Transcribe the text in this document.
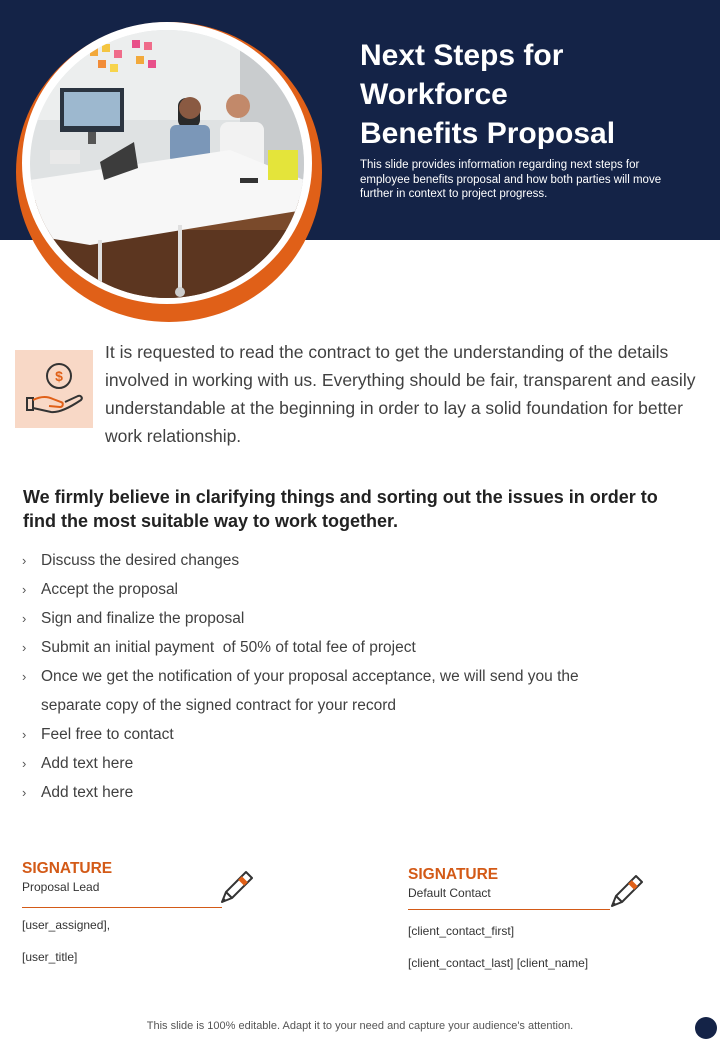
Next Steps for
Workforce
Benefits Proposal

This slide provides information regarding next steps for employee benefits proposal and how both parties will move further in context to project progress.

$

It is requested to read the contract to get the understanding of the details involved in working with us. Everything should be fair, transparent and easily understandable at the beginning in order to lay a solid foundation for better work relationship.

We firmly believe in clarifying things and sorting out the issues in order to find the most suitable way to work together.

› Discuss the desired changes
› Accept the proposal
› Sign and finalize the proposal
› Submit an initial payment  of 50% of total fee of project
› Once we get the notification of your proposal acceptance, we will send you the separate copy of the signed contract for your record
› Feel free to contact
› Add text here
› Add text here

SIGNATURE

Proposal Lead

[user_assigned],

[user_title]

SIGNATURE

Default Contact

[client_contact_first]

[client_contact_last] [client_name]

This slide is 100% editable. Adapt it to your need and capture your audience's attention.
